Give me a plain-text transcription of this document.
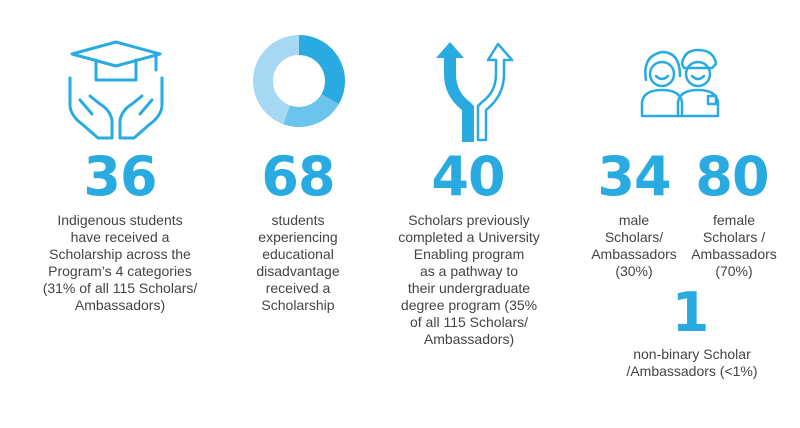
36 68 40 34 80
1
Indigenous students
have received a
Scholarship across the
Program’s 4 categories
(31% of all 115 Scholars/
Ambassadors)
students
experiencing
educational
disadvantage
received a
Scholarship
Scholars previously
completed a University
Enabling program
as a pathway to
their undergraduate
degree program (35%
of all 115 Scholars/
Ambassadors)
male
Scholars/
Ambassadors
(30%)
female
Scholars /
Ambassadors
(70%)
non-binary Scholar
/Ambassadors (<1%)
